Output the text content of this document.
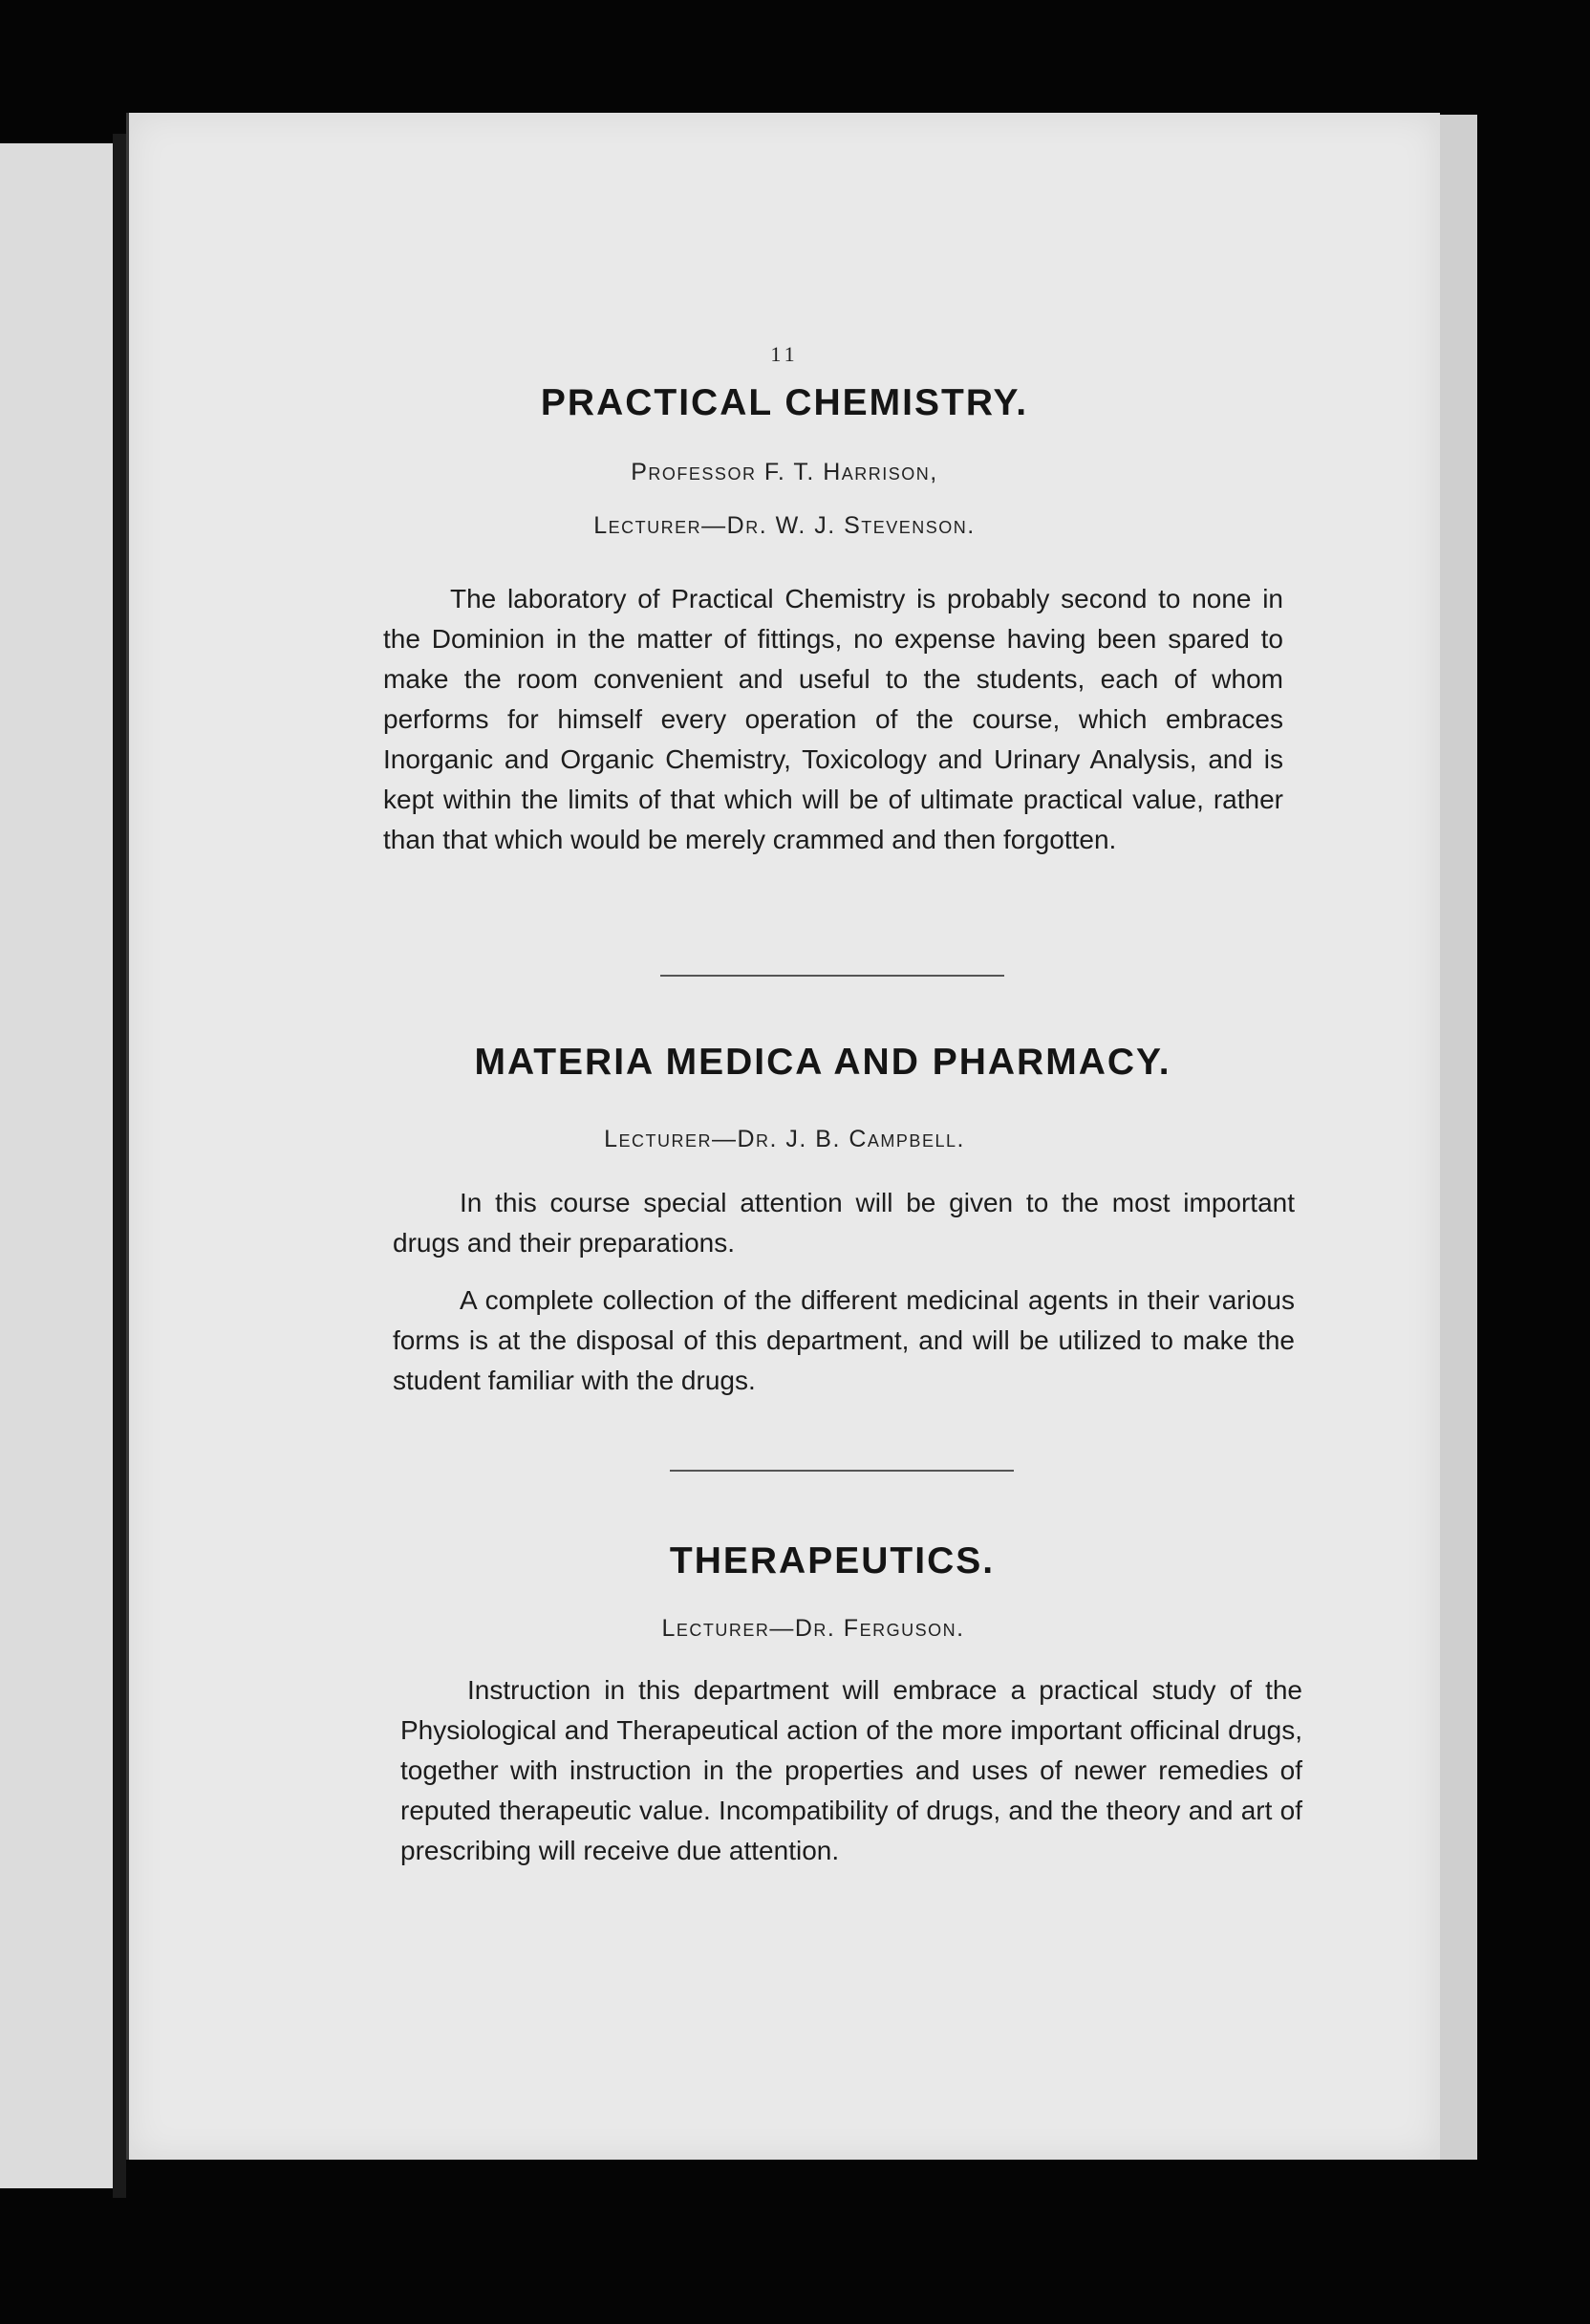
11
PRACTICAL CHEMISTRY.
Professor F. T. Harrison,
Lecturer—Dr. W. J. Stevenson.

The laboratory of Practical Chemistry is probably second to none in the Dominion in the matter of fittings, no expense having been spared to make the room convenient and useful to the students, each of whom performs for himself every operation of the course, which embraces Inorganic and Organic Chemistry, Toxicology and Urinary Analysis, and is kept within the limits of that which will be of ultimate practical value, rather than that which would be merely crammed and then forgotten.

MATERIA MEDICA AND PHARMACY.
Lecturer—Dr. J. B. Campbell.

In this course special attention will be given to the most important drugs and their preparations.

A complete collection of the different medicinal agents in their various forms is at the disposal of this department, and will be utilized to make the student familiar with the drugs.

THERAPEUTICS.
Lecturer—Dr. Ferguson.

Instruction in this department will embrace a practical study of the Physiological and Therapeutical action of the more important officinal drugs, together with instruction in the properties and uses of newer remedies of reputed therapeutic value. Incompatibility of drugs, and the theory and art of prescribing will receive due attention.
